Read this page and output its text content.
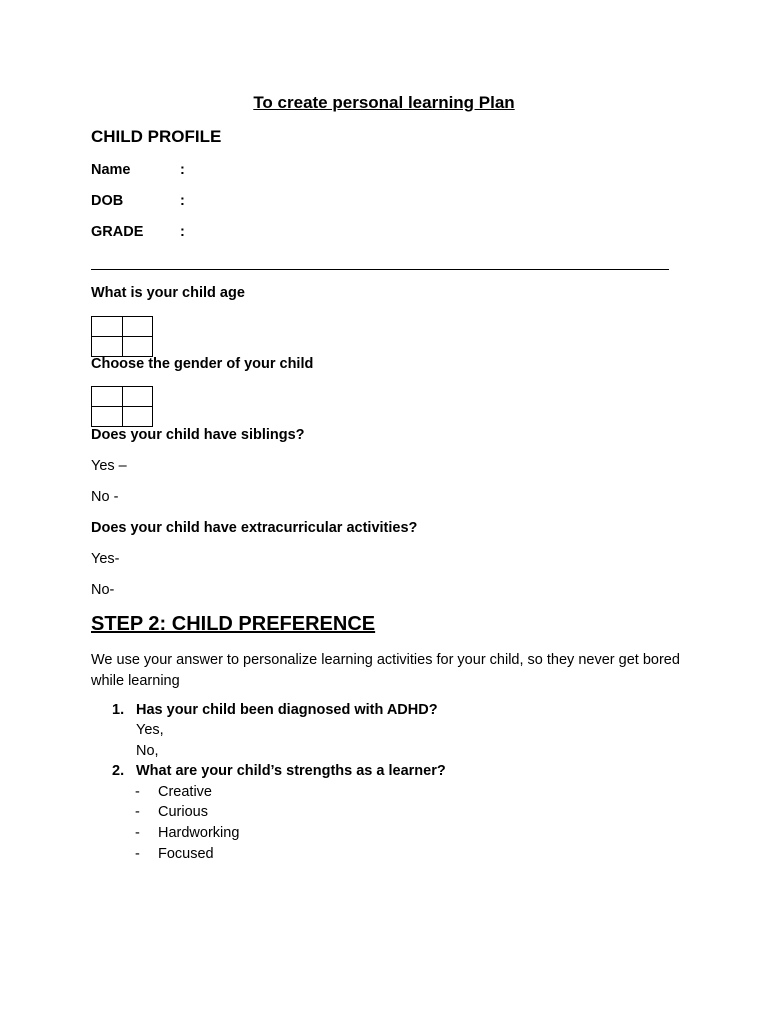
To create personal learning Plan
CHILD PROFILE
Name	:
DOB	:
GRADE	:
What is your child age

Choose the gender of your child

Does your child have siblings?
Yes –
No -
Does your child have extracurricular activities?
Yes-
No-
STEP 2: CHILD PREFERENCE

We use your answer to personalize learning activities for your child, so they never get bored while learning

1. Has your child been diagnosed with ADHD?
Yes,
No,
2. What are your child’s strengths as a learner?
- Creative
- Curious
- Hardworking
- Focused
